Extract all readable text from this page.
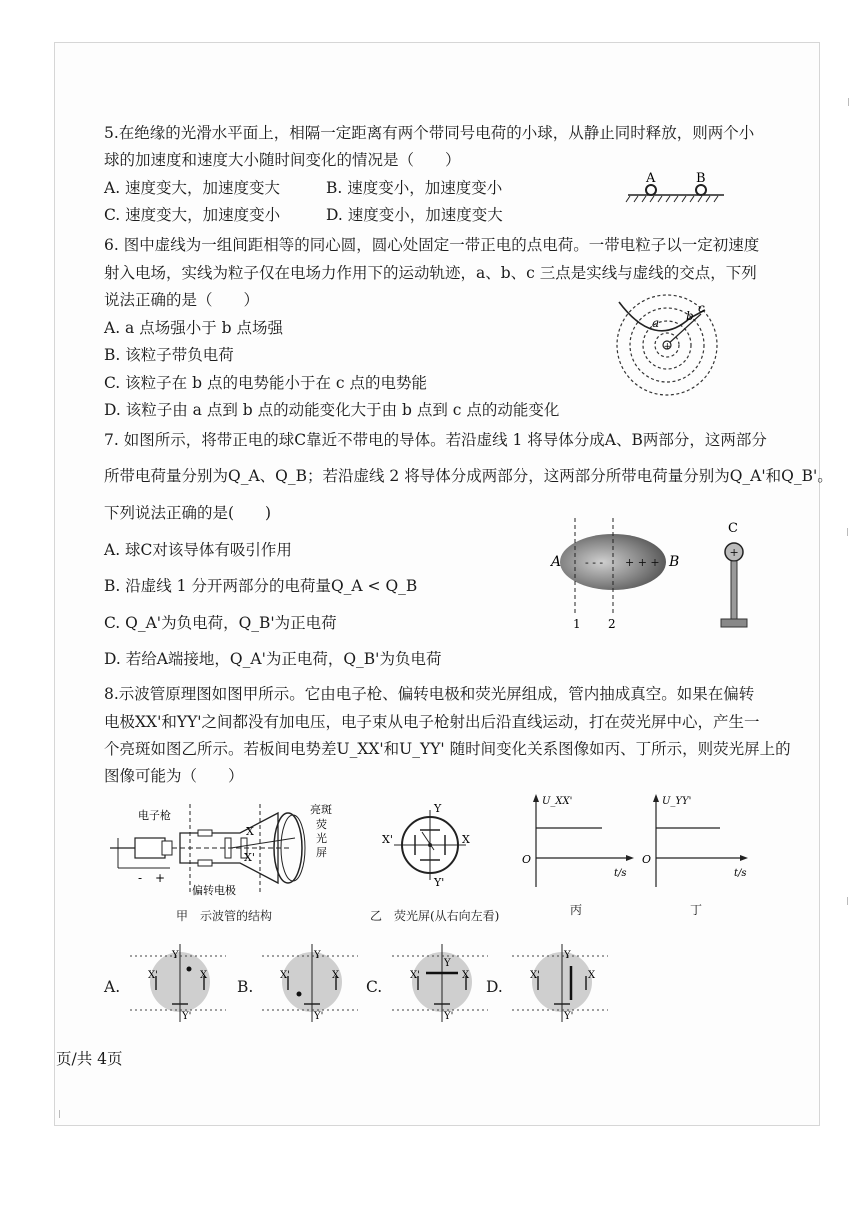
5.在绝缘的光滑水平面上，相隔一定距离有两个带同号电荷的小球，从静止同时释放，则两个小
球的加速度和速度大小随时间变化的情况是（　　）
A. 速度变大，加速度变大	B. 速度变小，加速度变小
C. 速度变大，加速度变小	D. 速度变小，加速度变大
A	B
6. 图中虚线为一组间距相等的同心圆，圆心处固定一带正电的点电荷。一带电粒子以一定初速度
射入电场，实线为粒子仅在电场力作用下的运动轨迹，a、b、c 三点是实线与虚线的交点，下列
说法正确的是（　　）
A. a 点场强小于 b 点场强
B. 该粒子带负电荷
C. 该粒子在 b 点的电势能小于在 c 点的电势能
D. 该粒子由 a 点到 b 点的动能变化大于由 b 点到 c 点的动能变化
+
a b
c
7. 如图所示，将带正电的球C靠近不带电的导体。若沿虚线 1 将导体分成A、B两部分，这两部分
所带电荷量分别为Q_A、Q_B；若沿虚线 2 将导体分成两部分，这两部分所带电荷量分别为Q_A'和Q_B'。
下列说法正确的是(　　)
A. 球C对该导体有吸引作用
B. 沿虚线 1 分开两部分的电荷量Q_A < Q_B
C. Q_A'为负电荷，Q_B'为正电荷
D. 若给A端接地，Q_A'为正电荷，Q_B'为负电荷
A	B
- - - + + +
1 2
C
+
8.示波管原理图如图甲所示。它由电子枪、偏转电极和荧光屏组成，管内抽成真空。如果在偏转
电极XX'和YY'之间都没有加电压，电子束从电子枪射出后沿直线运动，打在荧光屏中心，产生一
个亮斑如图乙所示。若板间电势差U_XX'和U_YY' 随时间变化关系图像如丙、丁所示，则荧光屏上的
图像可能为（　　）
电子枪	亮斑
荧
光
屏
X
X'
- +
偏转电极
甲　示波管的结构
Y
Y'
X'	X
乙　荧光屏(从右向左看)
U_XX'
O
t/s
丙
U_YY'
O
t/s
丁
A.
Y
Y'
X'	X
B.
Y
Y'
X'	X
C.
Y
Y'
X'	X
D.
Y
Y'
X'	X
页/共 4页
